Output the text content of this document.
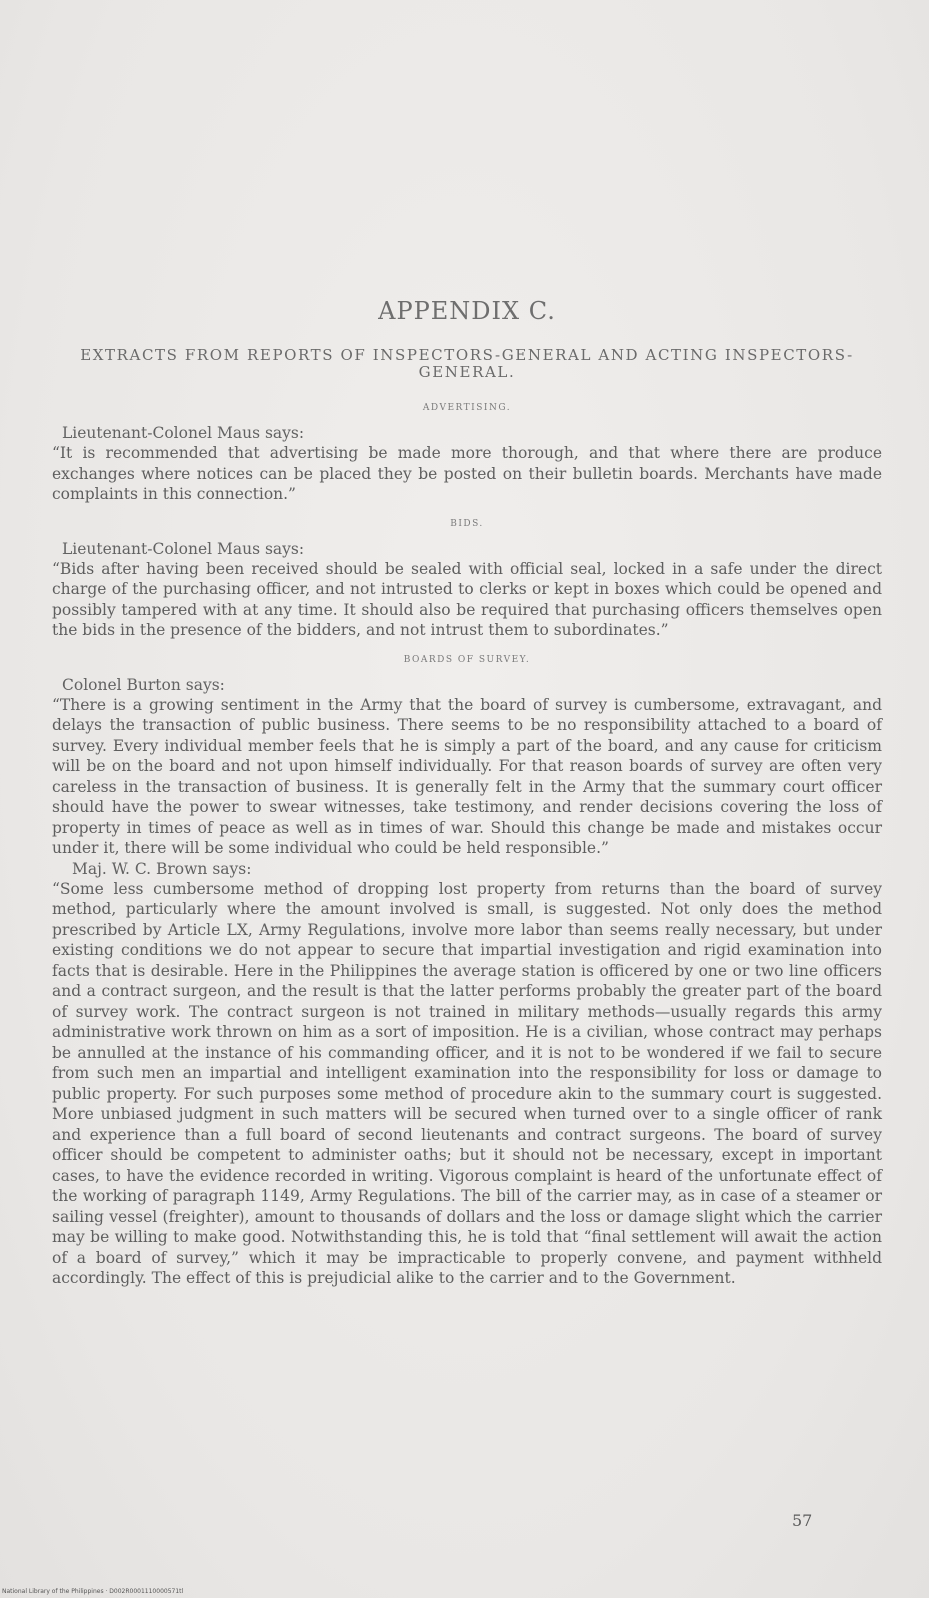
APPENDIX C.
EXTRACTS FROM REPORTS OF INSPECTORS-GENERAL AND ACTING INSPECTORS-GENERAL.
ADVERTISING.

Lieutenant-Colonel Maus says:

“It is recommended that advertising be made more thorough, and that where there are produce exchanges where notices can be placed they be posted on their bulletin boards. Merchants have made complaints in this connection.”

BIDS.

Lieutenant-Colonel Maus says:

“Bids after having been received should be sealed with official seal, locked in a safe under the direct charge of the purchasing officer, and not intrusted to clerks or kept in boxes which could be opened and possibly tampered with at any time. It should also be required that purchasing officers themselves open the bids in the presence of the bidders, and not intrust them to subordinates.”

BOARDS OF SURVEY.

Colonel Burton says:

“There is a growing sentiment in the Army that the board of survey is cumbersome, extravagant, and delays the transaction of public business. There seems to be no responsibility attached to a board of survey. Every individual member feels that he is simply a part of the board, and any cause for criticism will be on the board and not upon himself individually. For that reason boards of survey are often very careless in the transaction of business. It is generally felt in the Army that the summary court officer should have the power to swear witnesses, take testimony, and render decisions covering the loss of property in times of peace as well as in times of war. Should this change be made and mistakes occur under it, there will be some individual who could be held responsible.”

Maj. W. C. Brown says:

“Some less cumbersome method of dropping lost property from returns than the board of survey method, particularly where the amount involved is small, is suggested. Not only does the method prescribed by Article LX, Army Regulations, involve more labor than seems really necessary, but under existing conditions we do not appear to secure that impartial investigation and rigid examination into facts that is desirable. Here in the Philippines the average station is officered by one or two line officers and a contract surgeon, and the result is that the latter performs probably the greater part of the board of survey work. The contract surgeon is not trained in military methods—usually regards this army administrative work thrown on him as a sort of imposition. He is a civilian, whose contract may perhaps be annulled at the instance of his commanding officer, and it is not to be wondered if we fail to secure from such men an impartial and intelligent examination into the responsibility for loss or damage to public property. For such purposes some method of procedure akin to the summary court is suggested. More unbiased judgment in such matters will be secured when turned over to a single officer of rank and experience than a full board of second lieutenants and contract surgeons. The board of survey officer should be competent to administer oaths; but it should not be necessary, except in important cases, to have the evidence recorded in writing. Vigorous complaint is heard of the unfortunate effect of the working of paragraph 1149, Army Regulations. The bill of the carrier may, as in case of a steamer or sailing vessel (freighter), amount to thousands of dollars and the loss or damage slight which the carrier may be willing to make good. Notwithstanding this, he is told that “final settlement will await the action of a board of survey,” which it may be impracticable to properly convene, and payment withheld accordingly. The effect of this is prejudicial alike to the carrier and to the Government.

57
National Library of the Philippines · D002R0001110000571tl
